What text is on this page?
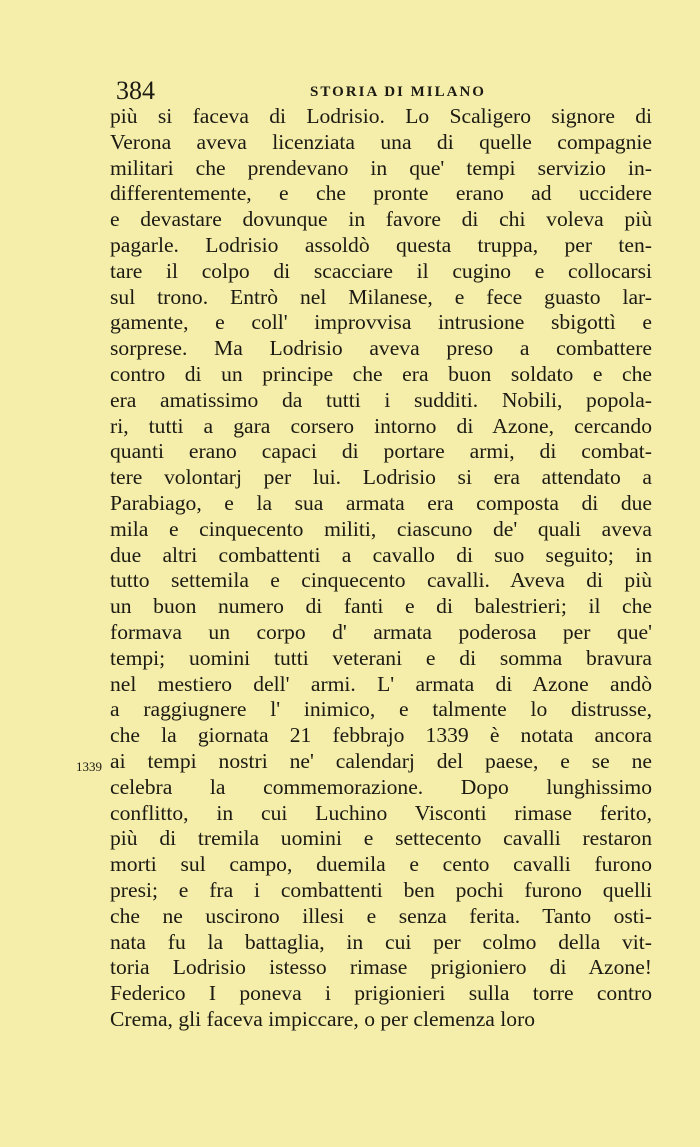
384	STORIA DI MILANO
1339
più si faceva di Lodrisio. Lo Scaligero signore di
Verona aveva licenziata una di quelle compagnie
militari che prendevano in que' tempi servizio in-
differentemente, e che pronte erano ad uccidere
e devastare dovunque in favore di chi voleva più
pagarle. Lodrisio assoldò questa truppa, per ten-
tare il colpo di scacciare il cugino e collocarsi
sul trono. Entrò nel Milanese, e fece guasto lar-
gamente, e coll' improvvisa intrusione sbigottì e
sorprese. Ma Lodrisio aveva preso a combattere
contro di un principe che era buon soldato e che
era amatissimo da tutti i sudditi. Nobili, popola-
ri, tutti a gara corsero intorno di Azone, cercando
quanti erano capaci di portare armi, di combat-
tere volontarj per lui. Lodrisio si era attendato a
Parabiago, e la sua armata era composta di due
mila e cinquecento militi, ciascuno de' quali aveva
due altri combattenti a cavallo di suo seguito; in
tutto settemila e cinquecento cavalli. Aveva di più
un buon numero di fanti e di balestrieri; il che
formava un corpo d' armata poderosa per que'
tempi; uomini tutti veterani e di somma bravura
nel mestiero dell' armi. L' armata di Azone andò
a raggiugnere l' inimico, e talmente lo distrusse,
che la giornata 21 febbrajo 1339 è notata ancora
ai tempi nostri ne' calendarj del paese, e se ne
celebra la commemorazione. Dopo lunghissimo
conflitto, in cui Luchino Visconti rimase ferito,
più di tremila uomini e settecento cavalli restaron
morti sul campo, duemila e cento cavalli furono
presi; e fra i combattenti ben pochi furono quelli
che ne uscirono illesi e senza ferita. Tanto osti-
nata fu la battaglia, in cui per colmo della vit-
toria Lodrisio istesso rimase prigioniero di Azone!
Federico I poneva i prigionieri sulla torre contro
Crema, gli faceva impiccare, o per clemenza loro
